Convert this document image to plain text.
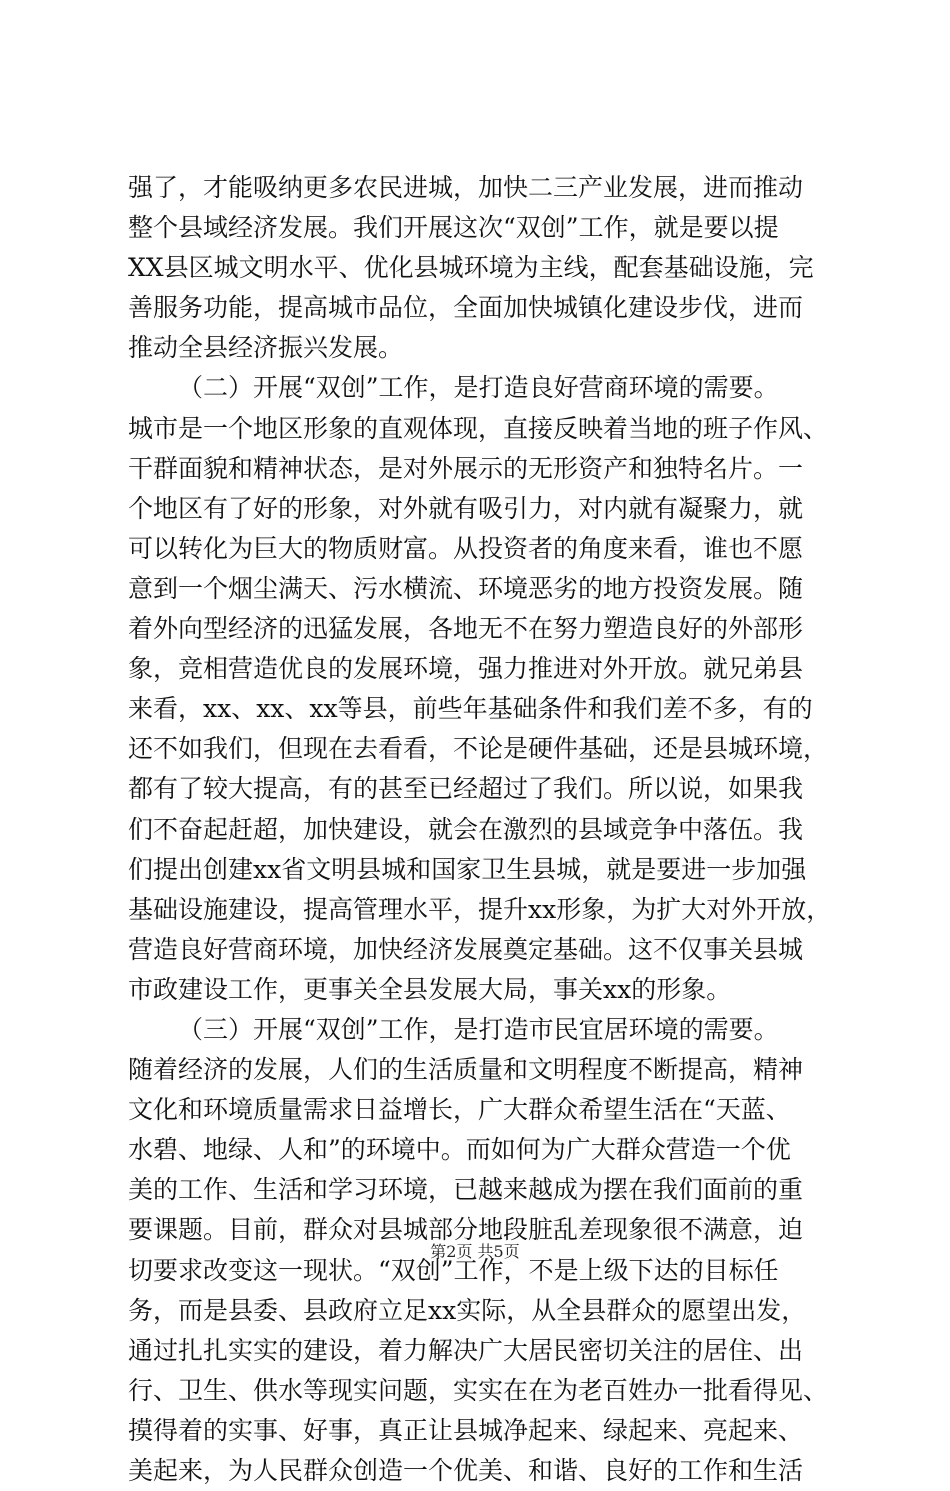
强了，才能吸纳更多农民进城，加快二三产业发展，进而推动
整个县域经济发展。我们开展这次“双创”工作，就是要以提
XX县区城文明水平、优化县城环境为主线，配套基础设施，完
善服务功能，提高城市品位，全面加快城镇化建设步伐，进而
推动全县经济振兴发展。
（二）开展“双创”工作，是打造良好营商环境的需要。
城市是一个地区形象的直观体现，直接反映着当地的班子作风、
干群面貌和精神状态，是对外展示的无形资产和独特名片。一
个地区有了好的形象，对外就有吸引力，对内就有凝聚力，就
可以转化为巨大的物质财富。从投资者的角度来看，谁也不愿
意到一个烟尘满天、污水横流、环境恶劣的地方投资发展。随
着外向型经济的迅猛发展，各地无不在努力塑造良好的外部形
象，竞相营造优良的发展环境，强力推进对外开放。就兄弟县
来看，xx、xx、xx等县，前些年基础条件和我们差不多，有的
还不如我们，但现在去看看，不论是硬件基础，还是县城环境，
都有了较大提高，有的甚至已经超过了我们。所以说，如果我
们不奋起赶超，加快建设，就会在激烈的县域竞争中落伍。我
们提出创建xx省文明县城和国家卫生县城，就是要进一步加强
基础设施建设，提高管理水平，提升xx形象，为扩大对外开放，
营造良好营商环境，加快经济发展奠定基础。这不仅事关县城
市政建设工作，更事关全县发展大局，事关xx的形象。
（三）开展“双创”工作，是打造市民宜居环境的需要。
随着经济的发展，人们的生活质量和文明程度不断提高，精神
文化和环境质量需求日益增长，广大群众希望生活在“天蓝、
水碧、地绿、人和”的环境中。而如何为广大群众营造一个优
美的工作、生活和学习环境，已越来越成为摆在我们面前的重
要课题。目前，群众对县城部分地段脏乱差现象很不满意，迫
切要求改变这一现状。“双创”工作，不是上级下达的目标任
务，而是县委、县政府立足xx实际，从全县群众的愿望出发，
通过扎扎实实的建设，着力解决广大居民密切关注的居住、出
行、卫生、供水等现实问题，实实在在为老百姓办一批看得见、
摸得着的实事、好事，真正让县城净起来、绿起来、亮起来、
美起来，为人民群众创造一个优美、和谐、良好的工作和生活
第2页 共5页
